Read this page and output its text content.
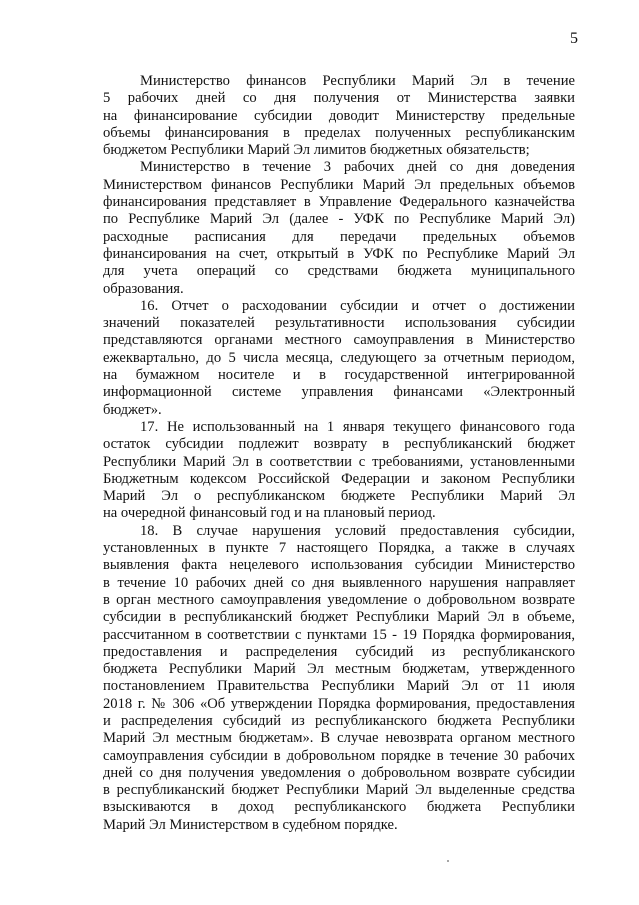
5
Министерство финансов Республики Марий Эл в течение
5 рабочих дней со дня получения от Министерства заявки
на финансирование субсидии доводит Министерству предельные
объемы финансирования в пределах полученных республиканским
бюджетом Республики Марий Эл лимитов бюджетных обязательств;
Министерство в течение 3 рабочих дней со дня доведения
Министерством финансов Республики Марий Эл предельных объемов
финансирования представляет в Управление Федерального казначейства
по Республике Марий Эл (далее - УФК по Республике Марий Эл)
расходные расписания для передачи предельных объемов
финансирования на счет, открытый в УФК по Республике Марий Эл
для учета операций со средствами бюджета муниципального
образования.
16. Отчет о расходовании субсидии и отчет о достижении
значений показателей результативности использования субсидии
представляются органами местного самоуправления в Министерство
ежеквартально, до 5 числа месяца, следующего за отчетным периодом,
на бумажном носителе и в государственной интегрированной
информационной системе управления финансами «Электронный
бюджет».
17. Не использованный на 1 января текущего финансового года
остаток субсидии подлежит возврату в республиканский бюджет
Республики Марий Эл в соответствии с требованиями, установленными
Бюджетным кодексом Российской Федерации и законом Республики
Марий Эл о республиканском бюджете Республики Марий Эл
на очередной финансовый год и на плановый период.
18. В случае нарушения условий предоставления субсидии,
установленных в пункте 7 настоящего Порядка, а также в случаях
выявления факта нецелевого использования субсидии Министерство
в течение 10 рабочих дней со дня выявленного нарушения направляет
в орган местного самоуправления уведомление о добровольном возврате
субсидии в республиканский бюджет Республики Марий Эл в объеме,
рассчитанном в соответствии с пунктами 15 - 19 Порядка формирования,
предоставления и распределения субсидий из республиканского
бюджета Республики Марий Эл местным бюджетам, утвержденного
постановлением Правительства Республики Марий Эл от 11 июля
2018 г. № 306 «Об утверждении Порядка формирования, предоставления
и распределения субсидий из республиканского бюджета Республики
Марий Эл местным бюджетам». В случае невозврата органом местного
самоуправления субсидии в добровольном порядке в течение 30 рабочих
дней со дня получения уведомления о добровольном возврате субсидии
в республиканский бюджет Республики Марий Эл выделенные средства
взыскиваются в доход республиканского бюджета Республики
Марий Эл Министерством в судебном порядке.
